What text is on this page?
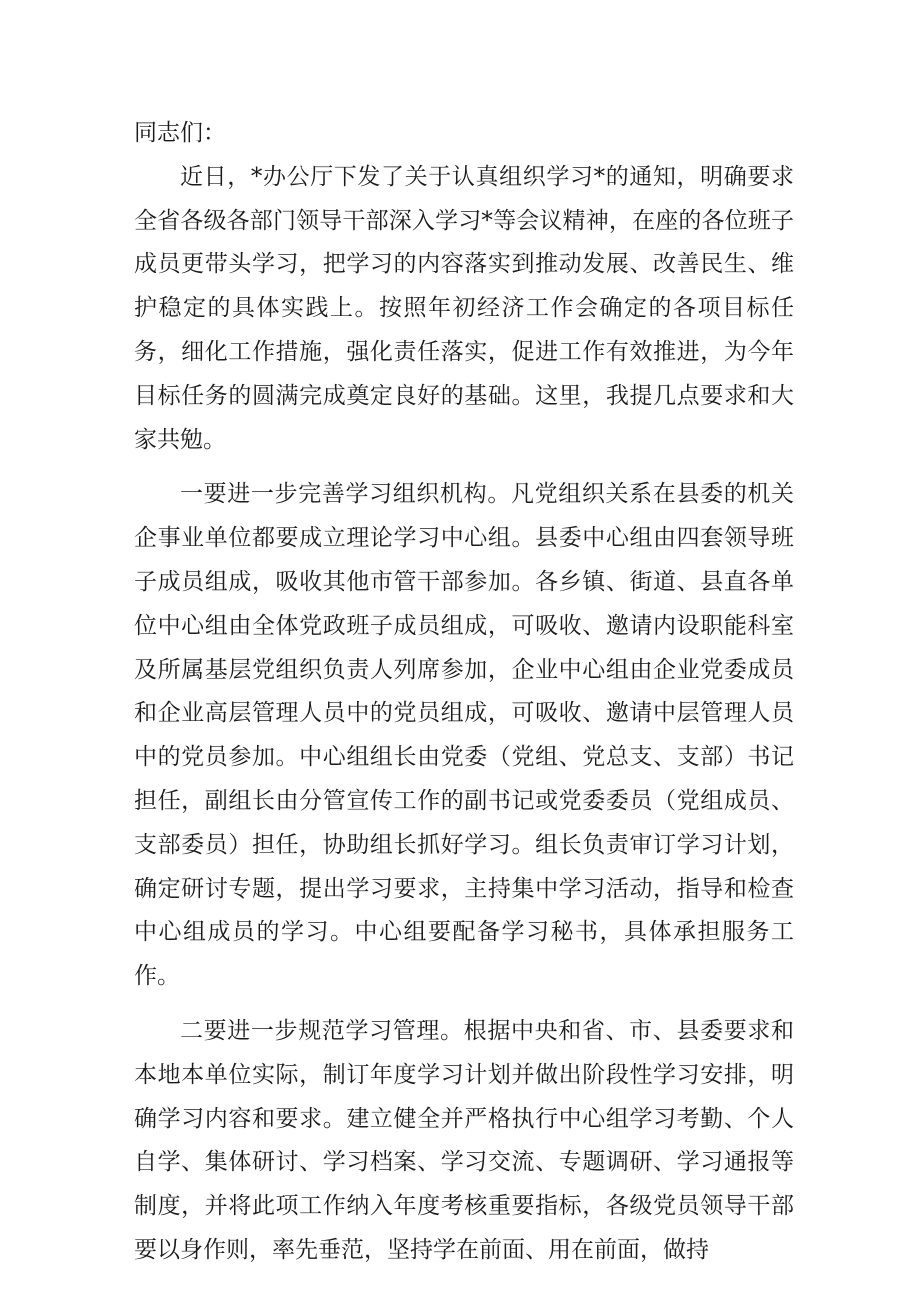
同志们：

近日，*办公厅下发了关于认真组织学习*的通知，明确要求全省各级各部门领导干部深入学习*等会议精神，在座的各位班子成员更带头学习，把学习的内容落实到推动发展、改善民生、维护稳定的具体实践上。按照年初经济工作会确定的各项目标任务，细化工作措施，强化责任落实，促进工作有效推进，为今年目标任务的圆满完成奠定良好的基础。这里，我提几点要求和大家共勉。

一要进一步完善学习组织机构。凡党组织关系在县委的机关企事业单位都要成立理论学习中心组。县委中心组由四套领导班子成员组成，吸收其他市管干部参加。各乡镇、街道、县直各单位中心组由全体党政班子成员组成，可吸收、邀请内设职能科室及所属基层党组织负责人列席参加，企业中心组由企业党委成员和企业高层管理人员中的党员组成，可吸收、邀请中层管理人员中的党员参加。中心组组长由党委（党组、党总支、支部）书记担任，副组长由分管宣传工作的副书记或党委委员（党组成员、支部委员）担任，协助组长抓好学习。组长负责审订学习计划，确定研讨专题，提出学习要求，主持集中学习活动，指导和检查中心组成员的学习。中心组要配备学习秘书，具体承担服务工作。

二要进一步规范学习管理。根据中央和省、市、县委要求和本地本单位实际，制订年度学习计划并做出阶段性学习安排，明确学习内容和要求。建立健全并严格执行中心组学习考勤、个人自学、集体研讨、学习档案、学习交流、专题调研、学习通报等制度，并将此项工作纳入年度考核重要指标，各级党员领导干部要以身作则，率先垂范，坚持学在前面、用在前面，做持
